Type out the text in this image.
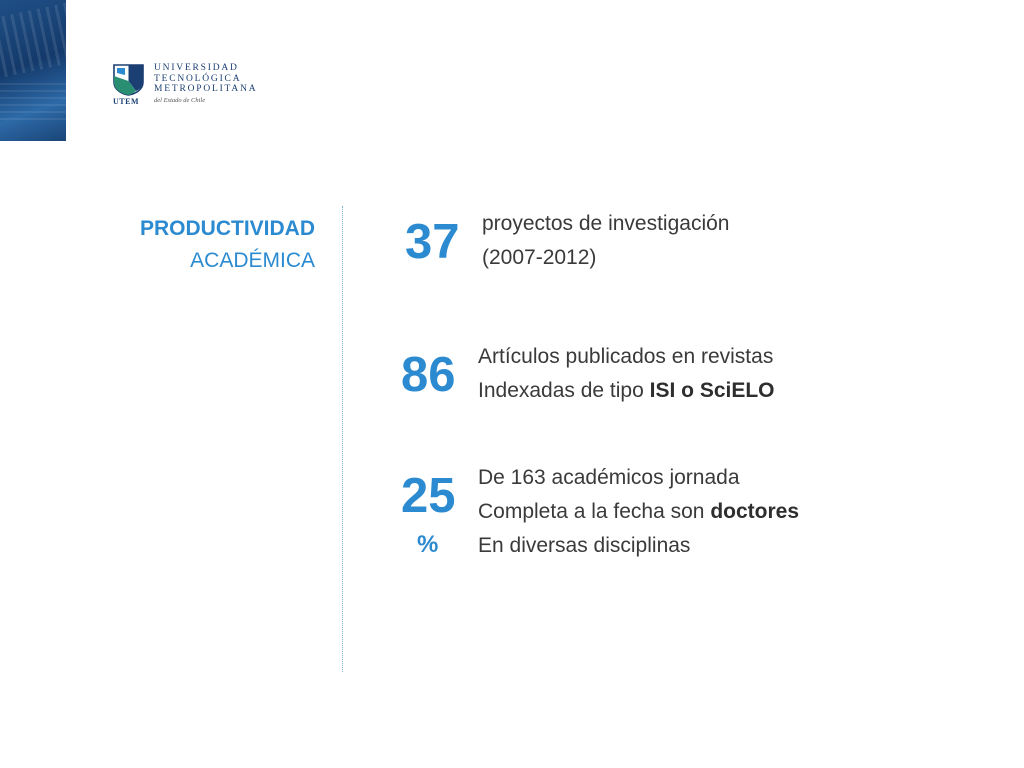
UTEM
UNIVERSIDAD
TECNOLÓGICA
METROPOLITANA
del Estado de Chile
PRODUCTIVIDAD
ACADÉMICA 37 proyectos de investigación
(2007-2012)
86 Artículos publicados en revistas
Indexadas de tipo ISI o SciELO
25
%
De 163 académicos jornada
Completa a la fecha son doctores
En diversas disciplinas
